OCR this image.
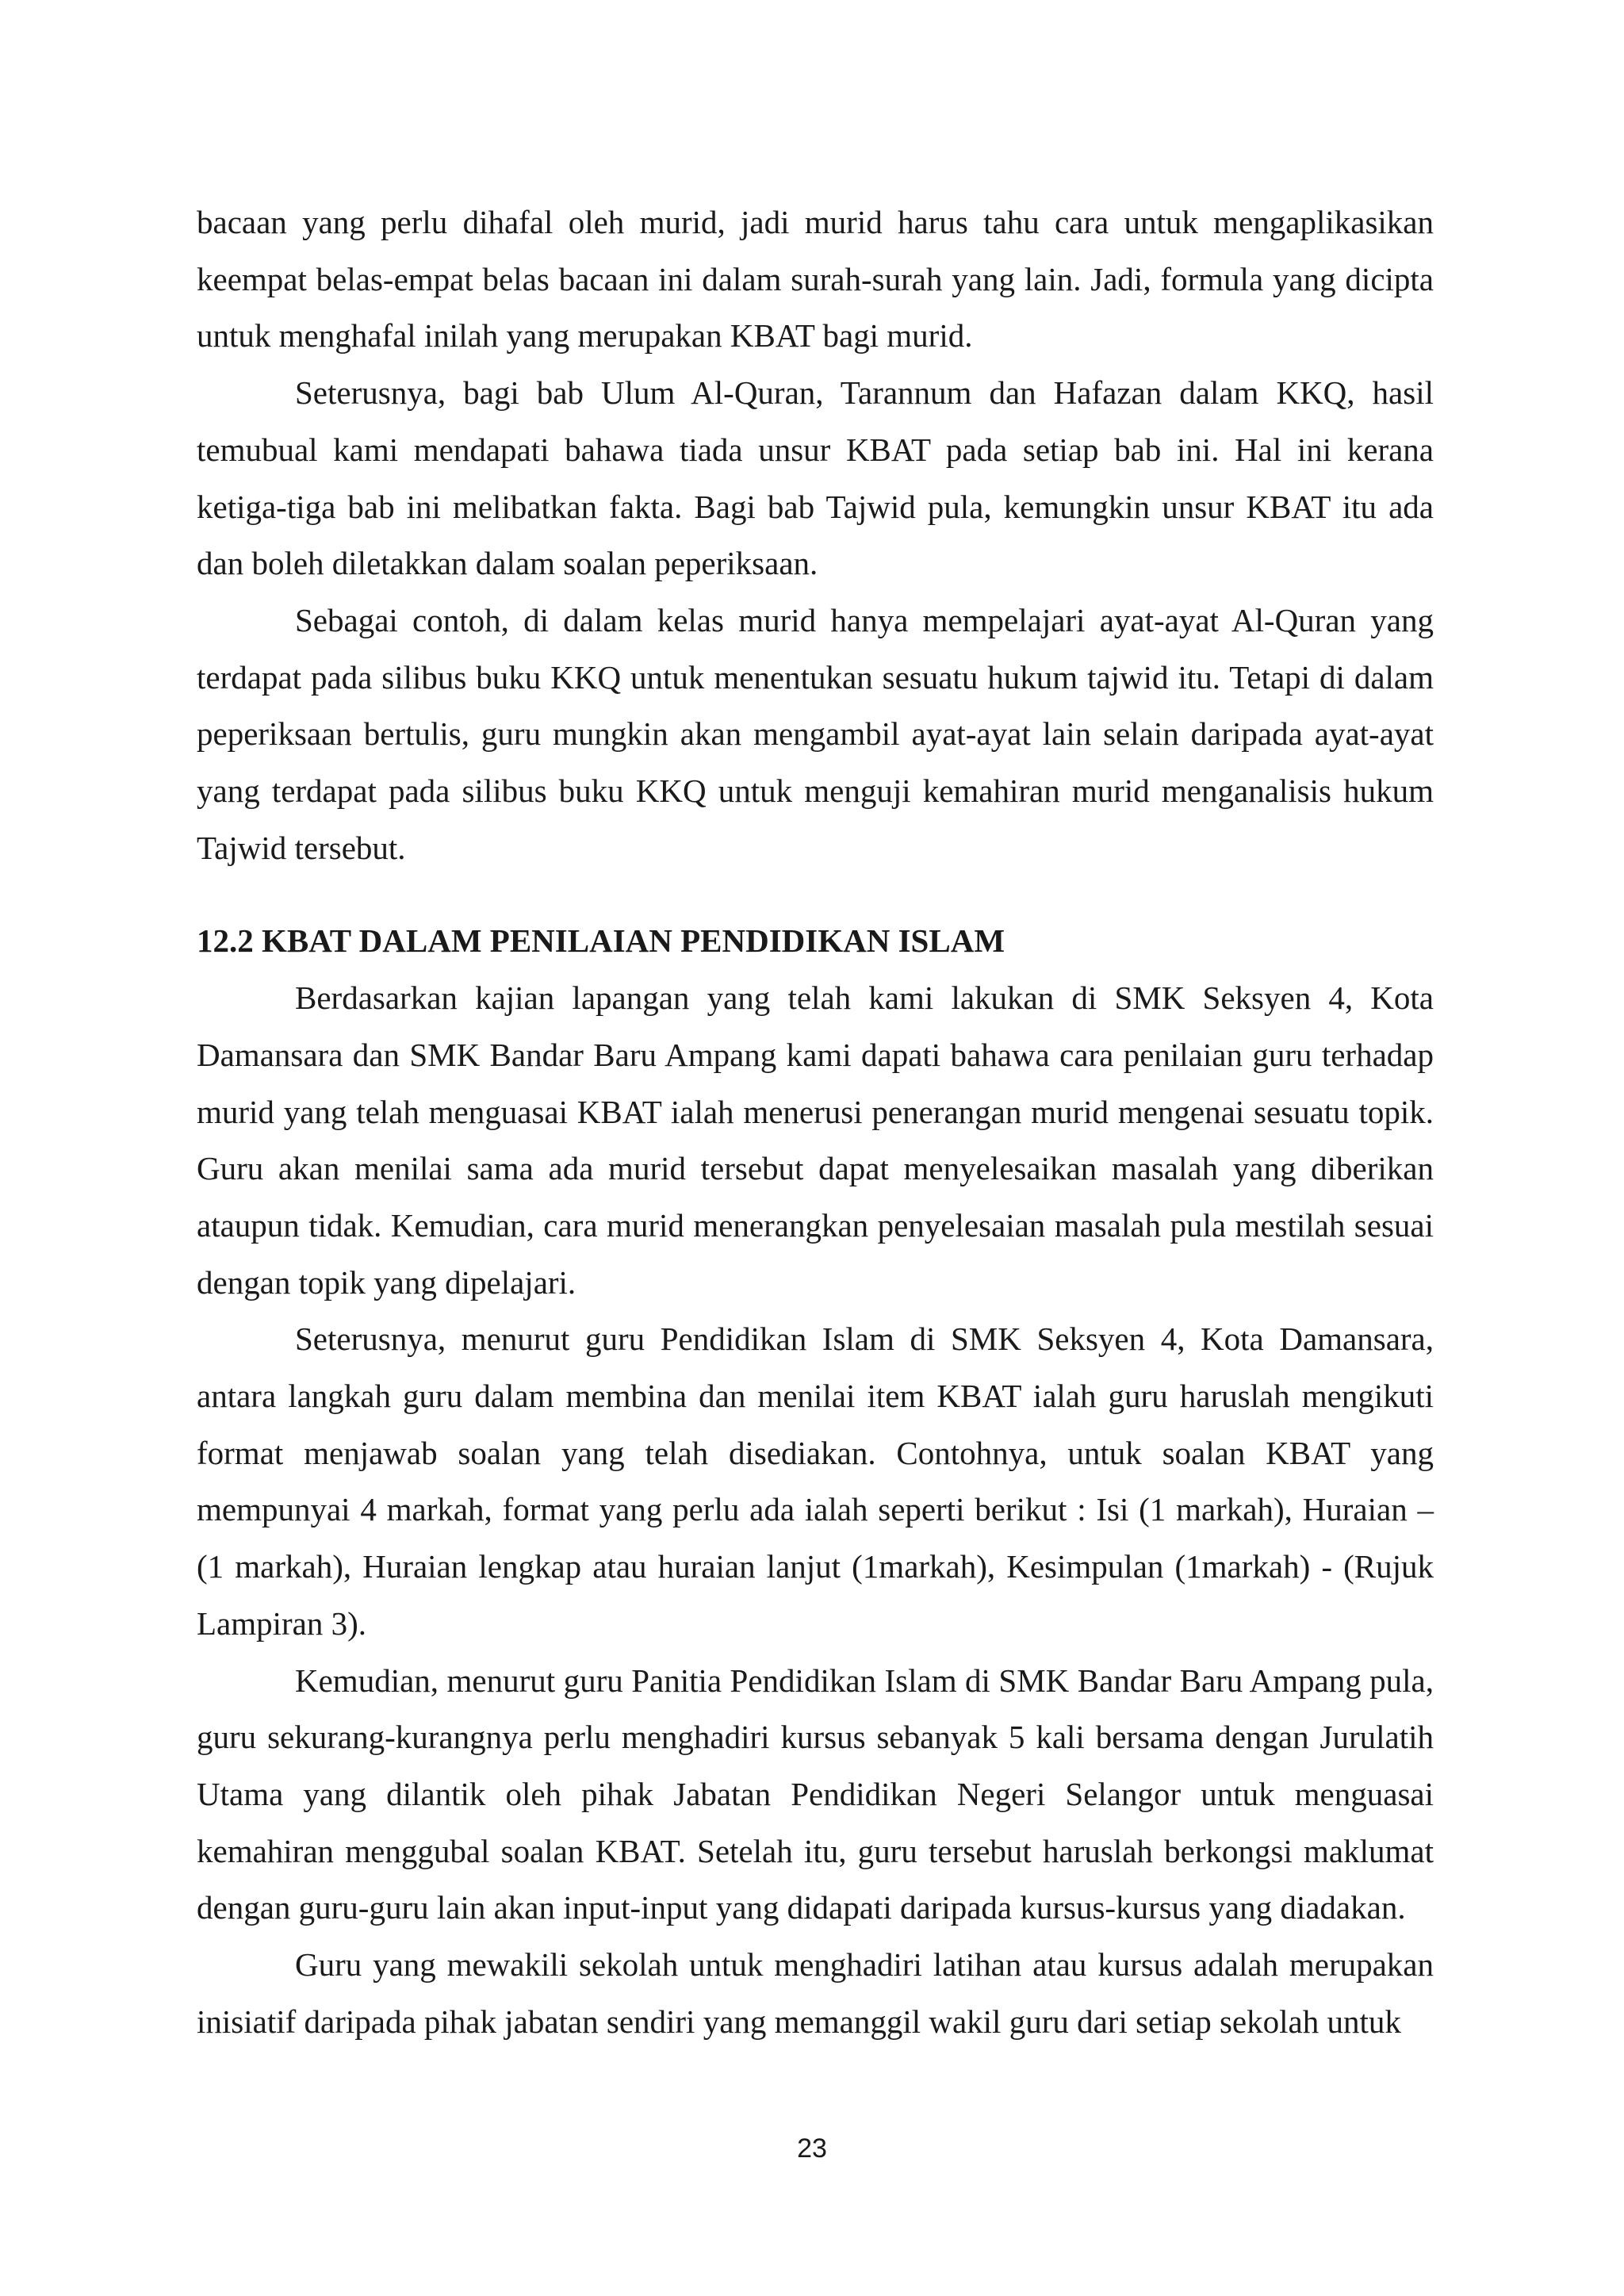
bacaan yang perlu dihafal oleh murid, jadi murid harus tahu cara untuk mengaplikasikan keempat belas-empat belas bacaan ini dalam surah-surah yang lain. Jadi, formula yang dicipta untuk menghafal inilah yang merupakan KBAT bagi murid.

Seterusnya, bagi bab Ulum Al-Quran, Tarannum dan Hafazan dalam KKQ, hasil temubual kami mendapati bahawa tiada unsur KBAT pada setiap bab ini. Hal ini kerana ketiga-tiga bab ini melibatkan fakta. Bagi bab Tajwid pula, kemungkin unsur KBAT itu ada dan boleh diletakkan dalam soalan peperiksaan.

Sebagai contoh, di dalam kelas murid hanya mempelajari ayat-ayat Al-Quran yang terdapat pada silibus buku KKQ untuk menentukan sesuatu hukum tajwid itu. Tetapi di dalam peperiksaan bertulis, guru mungkin akan mengambil ayat-ayat lain selain daripada ayat-ayat yang terdapat pada silibus buku KKQ untuk menguji kemahiran murid menganalisis hukum Tajwid tersebut.

12.2 KBAT DALAM PENILAIAN PENDIDIKAN ISLAM

Berdasarkan kajian lapangan yang telah kami lakukan di SMK Seksyen 4, Kota Damansara dan SMK Bandar Baru Ampang kami dapati bahawa cara penilaian guru terhadap murid yang telah menguasai KBAT ialah menerusi penerangan murid mengenai sesuatu topik. Guru akan menilai sama ada murid tersebut dapat menyelesaikan masalah yang diberikan ataupun tidak. Kemudian, cara murid menerangkan penyelesaian masalah pula mestilah sesuai dengan topik yang dipelajari.

Seterusnya, menurut guru Pendidikan Islam di SMK Seksyen 4, Kota Damansara, antara langkah guru dalam membina dan menilai item KBAT ialah guru haruslah mengikuti format menjawab soalan yang telah disediakan. Contohnya, untuk soalan KBAT yang mempunyai 4 markah, format yang perlu ada ialah seperti berikut : Isi (1 markah), Huraian – (1 markah), Huraian lengkap atau huraian lanjut (1markah), Kesimpulan (1markah) - (Rujuk Lampiran 3).

Kemudian, menurut guru Panitia Pendidikan Islam di SMK Bandar Baru Ampang pula, guru sekurang-kurangnya perlu menghadiri kursus sebanyak 5 kali bersama dengan Jurulatih Utama yang dilantik oleh pihak Jabatan Pendidikan Negeri Selangor untuk menguasai kemahiran menggubal soalan KBAT. Setelah itu, guru tersebut haruslah berkongsi maklumat dengan guru-guru lain akan input-input yang didapati daripada kursus-kursus yang diadakan.

Guru yang mewakili sekolah untuk menghadiri latihan atau kursus adalah merupakan inisiatif daripada pihak jabatan sendiri yang memanggil wakil guru dari setiap sekolah untuk

23
